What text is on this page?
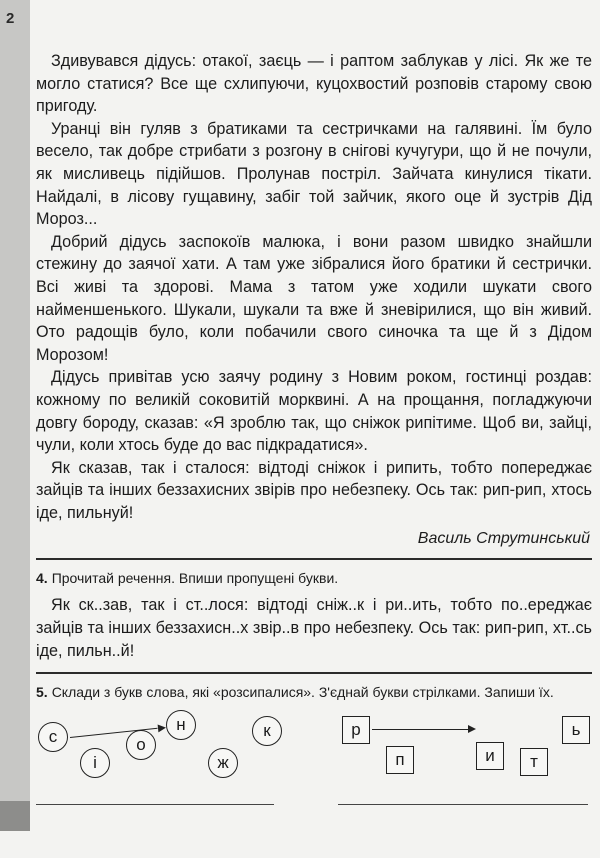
2

Здивувався дідусь: отакої, заєць — і раптом заблукав у лісі. Як же те могло статися? Все ще схлипуючи, куцохвостий розповів старому свою пригоду.

Уранці він гуляв з братиками та сестричками на галявині. Їм було весело, так добре стрибати з розгону в снігові кучугури, що й не почули, як мисливець підійшов. Пролунав постріл. Зайчата кинулися тікати. Найдалі, в лісову гущавину, забіг той зайчик, якого оце й зустрів Дід Мороз...

Добрий дідусь заспокоїв малюка, і вони разом швидко знайшли стежину до заячої хати. А там уже зібралися його братики й сестрички. Всі живі та здорові. Мама з татом уже ходили шукати свого найменшенького. Шукали, шукали та вже й зневірилися, що він живий. Ото радощів було, коли побачили свого синочка та ще й з Дідом Морозом!

Дідусь привітав усю заячу родину з Новим роком, гостинці роздав: кожному по великій соковитій морквині. А на прощання, погладжуючи довгу бороду, сказав: «Я зроблю так, що сніжок рипітиме. Щоб ви, зайці, чули, коли хтось буде до вас підкрадатися».

Як сказав, так і сталося: відтоді сніжок і рипить, тобто попереджає зайців та інших беззахисних звірів про небезпеку. Ось так: рип-рип, хтось іде, пильнуй!

Василь Струтинський
4. Прочитай речення. Впиши пропущені букви.

Як ск..зав, так і ст..лося: відтоді сніж..к і ри..ить, тобто по..ереджає зайців та інших беззахисн..х звір..в про небезпеку. Ось так: рип-рип, хт..сь іде, пильн..й!

5. Склади з букв слова, які «розсипалися». З'єднай букви стрілками. Запиши їх.
с
і
о
н
ж
к	р
п	и	т
ь
